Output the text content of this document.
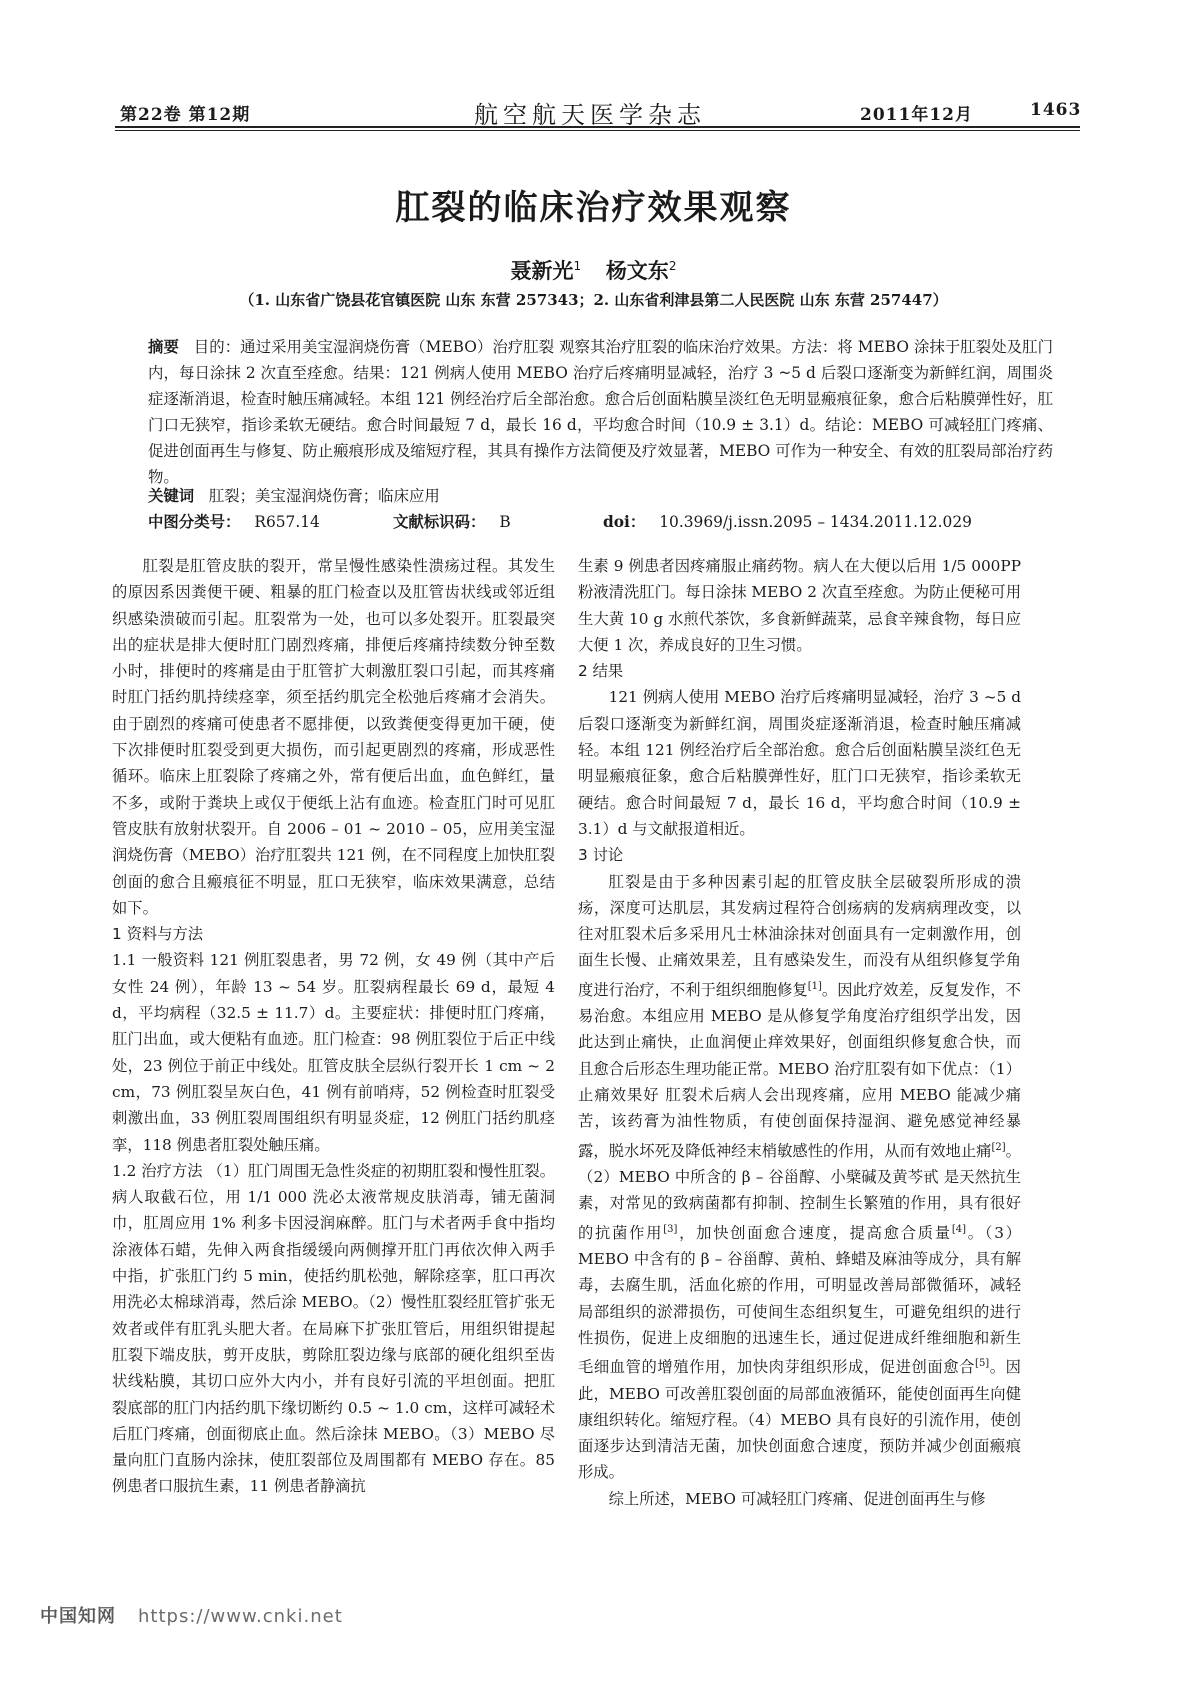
第22卷 第12期	航空航天医学杂志	2011年12月	1463
肛裂的临床治疗效果观察
聂新光$^1$ 杨文东$^2$
（1. 山东省广饶县花官镇医院 山东 东营 257343；2. 山东省利津县第二人民医院 山东 东营 257447）
摘要 目的：通过采用美宝湿润烧伤膏（MEBO）治疗肛裂 观察其治疗肛裂的临床治疗效果。方法：将 MEBO 涂抹于肛裂处及肛门内，每日涂抹 2 次直至痊愈。结果：121 例病人使用 MEBO 治疗后疼痛明显减轻，治疗 3 ~5 d 后裂口逐渐变为新鲜红润，周围炎症逐渐消退，检查时触压痛减轻。本组 121 例经治疗后全部治愈。愈合后创面粘膜呈淡红色无明显瘢痕征象，愈合后粘膜弹性好，肛门口无狭窄，指诊柔软无硬结。愈合时间最短 7 d，最长 16 d，平均愈合时间（10.9 ± 3.1）d。结论：MEBO 可减轻肛门疼痛、促进创面再生与修复、防止瘢痕形成及缩短疗程，其具有操作方法简便及疗效显著，MEBO 可作为一种安全、有效的肛裂局部治疗药物。
关键词 肛裂；美宝湿润烧伤膏；临床应用
中图分类号： R657.14	文献标识码： B	doi： 10.3969/j.issn.2095 – 1434.2011.12.029

肛裂是肛管皮肤的裂开，常呈慢性感染性溃疡过程。其发生的原因系因粪便干硬、粗暴的肛门检查以及肛管齿状线或邻近组织感染溃破而引起。肛裂常为一处，也可以多处裂开。肛裂最突出的症状是排大便时肛门剧烈疼痛，排便后疼痛持续数分钟至数小时，排便时的疼痛是由于肛管扩大刺激肛裂口引起，而其疼痛时肛门括约肌持续痉挛，须至括约肌完全松弛后疼痛才会消失。由于剧烈的疼痛可使患者不愿排便，以致粪便变得更加干硬，使下次排便时肛裂受到更大损伤，而引起更剧烈的疼痛，形成恶性循环。临床上肛裂除了疼痛之外，常有便后出血，血色鲜红，量不多，或附于粪块上或仅于便纸上沾有血迹。检查肛门时可见肛管皮肤有放射状裂开。自 2006 – 01 ~ 2010 – 05，应用美宝湿润烧伤膏（MEBO）治疗肛裂共 121 例，在不同程度上加快肛裂创面的愈合且瘢痕征不明显，肛口无狭窄，临床效果满意，总结如下。

1 资料与方法

1.1 一般资料 121 例肛裂患者，男 72 例，女 49 例（其中产后女性 24 例），年龄 13 ~ 54 岁。肛裂病程最长 69 d，最短 4 d，平均病程（32.5 ± 11.7）d。主要症状：排便时肛门疼痛，肛门出血，或大便粘有血迹。肛门检查：98 例肛裂位于后正中线处，23 例位于前正中线处。肛管皮肤全层纵行裂开长 1 cm ~ 2 cm，73 例肛裂呈灰白色，41 例有前哨痔，52 例检查时肛裂受刺激出血，33 例肛裂周围组织有明显炎症，12 例肛门括约肌痉挛，118 例患者肛裂处触压痛。

1.2 治疗方法 （1）肛门周围无急性炎症的初期肛裂和慢性肛裂。病人取截石位，用 1/1 000 洗必太液常规皮肤消毒，铺无菌洞巾，肛周应用 1% 利多卡因浸润麻醉。肛门与术者两手食中指均涂液体石蜡，先伸入两食指缓缓向两侧撑开肛门再依次伸入两手中指，扩张肛门约 5 min，使括约肌松弛，解除痉挛，肛口再次用洗必太棉球消毒，然后涂 MEBO。（2）慢性肛裂经肛管扩张无效者或伴有肛乳头肥大者。在局麻下扩张肛管后，用组织钳提起肛裂下端皮肤，剪开皮肤，剪除肛裂边缘与底部的硬化组织至齿状线粘膜，其切口应外大内小，并有良好引流的平坦创面。把肛裂底部的肛门内括约肌下缘切断约 0.5 ~ 1.0 cm，这样可减轻术后肛门疼痛，创面彻底止血。然后涂抹 MEBO。（3）MEBO 尽量向肛门直肠内涂抹，使肛裂部位及周围都有 MEBO 存在。85 例患者口服抗生素，11 例患者静滴抗

生素 9 例患者因疼痛服止痛药物。病人在大便以后用 1/5 000PP 粉液清洗肛门。每日涂抹 MEBO 2 次直至痊愈。为防止便秘可用生大黄 10 g 水煎代茶饮，多食新鲜蔬菜，忌食辛辣食物，每日应大便 1 次，养成良好的卫生习惯。

2 结果

121 例病人使用 MEBO 治疗后疼痛明显减轻，治疗 3 ~5 d 后裂口逐渐变为新鲜红润，周围炎症逐渐消退，检查时触压痛减轻。本组 121 例经治疗后全部治愈。愈合后创面粘膜呈淡红色无明显瘢痕征象，愈合后粘膜弹性好，肛门口无狭窄，指诊柔软无硬结。愈合时间最短 7 d，最长 16 d，平均愈合时间（10.9 ± 3.1）d 与文献报道相近。

3 讨论

肛裂是由于多种因素引起的肛管皮肤全层破裂所形成的溃疡，深度可达肌层，其发病过程符合创疡病的发病病理改变，以往对肛裂术后多采用凡士林油涂抹对创面具有一定刺激作用，创面生长慢、止痛效果差，且有感染发生，而没有从组织修复学角度进行治疗，不利于组织细胞修复[1]。因此疗效差，反复发作，不易治愈。本组应用 MEBO 是从修复学角度治疗组织学出发，因此达到止痛快，止血润便止痒效果好，创面组织修复愈合快，而且愈合后形态生理功能正常。MEBO 治疗肛裂有如下优点：（1）止痛效果好 肛裂术后病人会出现疼痛，应用 MEBO 能减少痛苦，该药膏为油性物质，有使创面保持湿润、避免感觉神经暴露，脱水坏死及降低神经末梢敏感性的作用，从而有效地止痛[2]。（2）MEBO 中所含的 β – 谷甾醇、小檗碱及黄芩甙 是天然抗生素，对常见的致病菌都有抑制、控制生长繁殖的作用，具有很好的抗菌作用[3]，加快创面愈合速度，提高愈合质量[4]。（3）MEBO 中含有的 β – 谷甾醇、黄柏、蜂蜡及麻油等成分，具有解毒，去腐生肌，活血化瘀的作用，可明显改善局部微循环，减轻局部组织的淤滞损伤，可使间生态组织复生，可避免组织的进行性损伤，促进上皮细胞的迅速生长，通过促进成纤维细胞和新生毛细血管的增殖作用，加快肉芽组织形成，促进创面愈合[5]。因此，MEBO 可改善肛裂创面的局部血液循环，能使创面再生向健康组织转化。缩短疗程。（4）MEBO 具有良好的引流作用，使创面逐步达到清洁无菌，加快创面愈合速度，预防并减少创面瘢痕形成。

综上所述，MEBO 可减轻肛门疼痛、促进创面再生与修

中国知网 https://www.cnki.net
